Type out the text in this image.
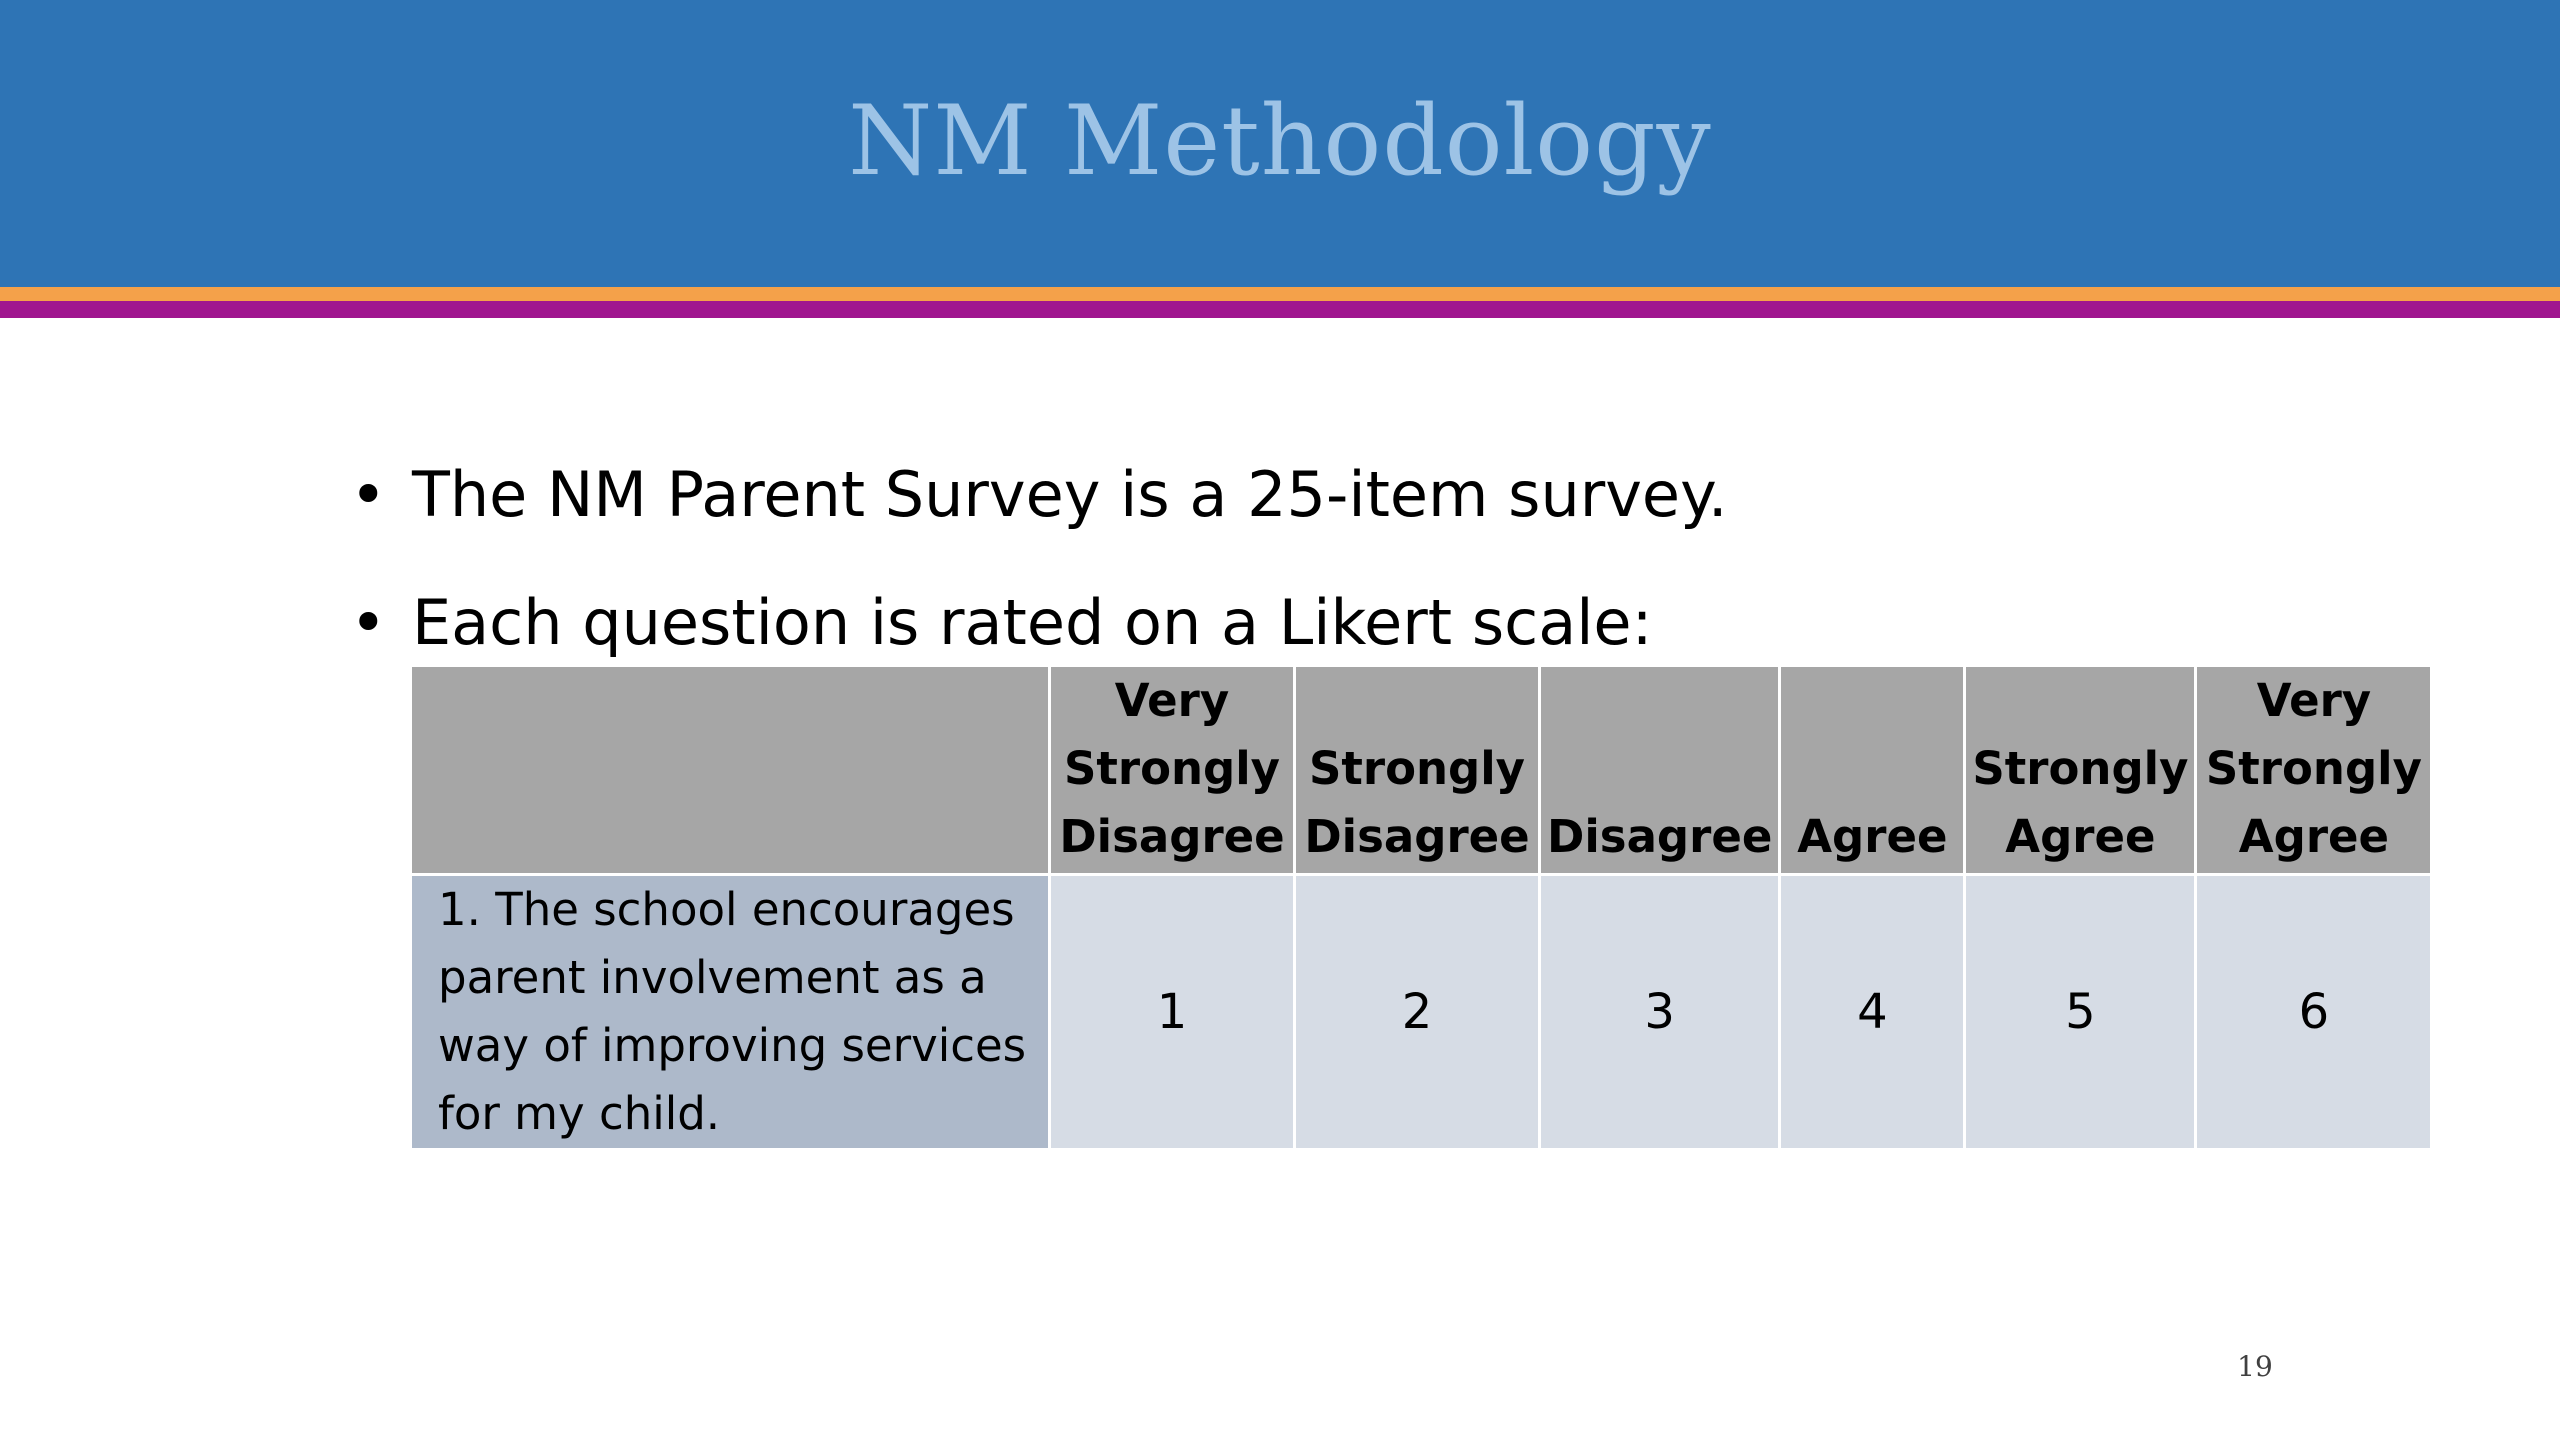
NM Methodology
• The NM Parent Survey is a 25-item survey.
• Each question is rated on a Likert scale:
	Very Strongly Disagree	Strongly Disagree	Disagree	Agree	Strongly Agree	Very Strongly Agree
1. The school encourages parent involvement as a way of improving services for my child.	1	2	3	4	5	6
19
